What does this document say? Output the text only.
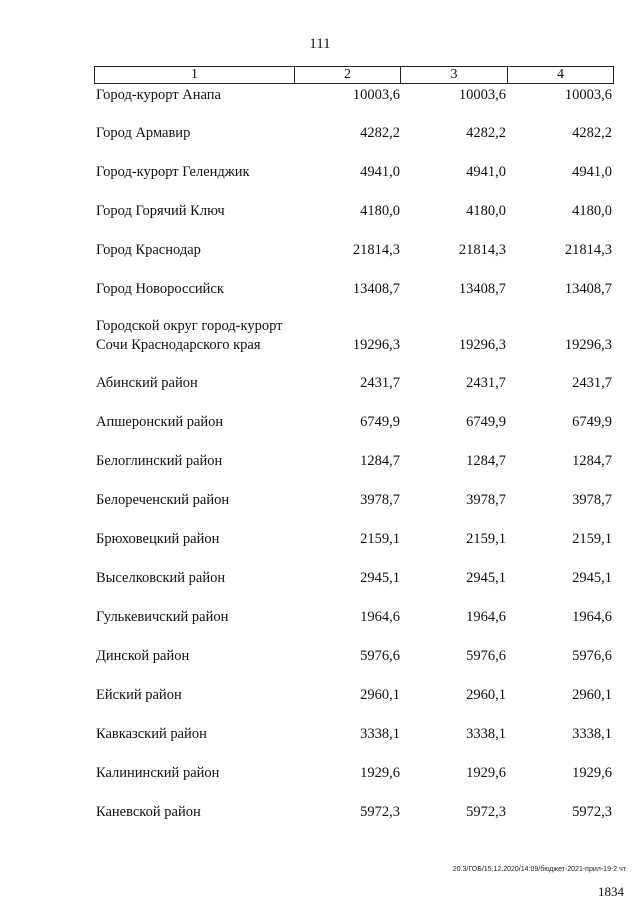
111
1	2	3	4
Город-курорт Анапа	10003,6	10003,6	10003,6
Город Армавир	4282,2	4282,2	4282,2
Город-курорт Геленджик	4941,0	4941,0	4941,0
Город Горячий Ключ	4180,0	4180,0	4180,0
Город Краснодар	21814,3	21814,3	21814,3
Город Новороссийск	13408,7	13408,7	13408,7
Городской округ город-курорт
Сочи Краснодарского края	19296,3	19296,3	19296,3
Абинский район	2431,7	2431,7	2431,7
Апшеронский район	6749,9	6749,9	6749,9
Белоглинский район	1284,7	1284,7	1284,7
Белореченский район	3978,7	3978,7	3978,7
Брюховецкий район	2159,1	2159,1	2159,1
Выселковский район	2945,1	2945,1	2945,1
Гулькевичский район	1964,6	1964,6	1964,6
Динской район	5976,6	5976,6	5976,6
Ейский район	2960,1	2960,1	2960,1
Кавказский район	3338,1	3338,1	3338,1
Калининский район	1929,6	1929,6	1929,6
Каневской район	5972,3	5972,3	5972,3
20.3/ГОБ/15.12.2020/14:09/бюджет-2021-прил-19-2 чт
1834
